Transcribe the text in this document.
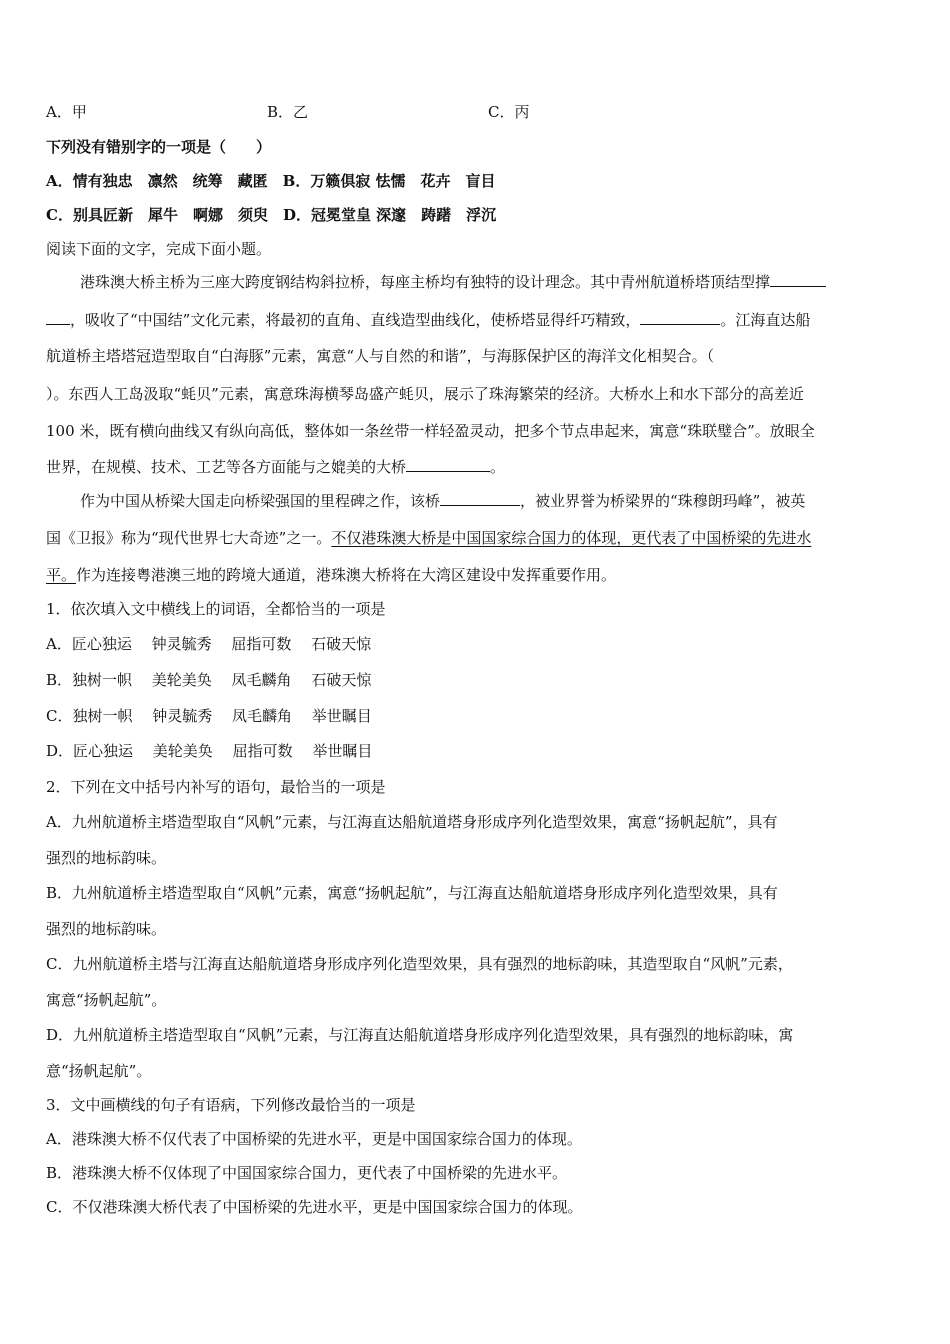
A．甲	B．乙	C．丙
下列没有错别字的一项是（　　）
A．情有独忠　凛然　统筹　藏匿　B．万籁俱寂 怯懦　花卉　盲目
C．别具匠新　犀牛　啊娜　须臾　D．冠冕堂皇 深邃　踌躇　浮沉
阅读下面的文字，完成下面小题。
港珠澳大桥主桥为三座大跨度钢结构斜拉桥，每座主桥均有独特的设计理念。其中青州航道桥塔顶结型撑
，吸收了“中国结”文化元素，将最初的直角、直线造型曲线化，使桥塔显得纤巧精致，	。江海直达船
航道桥主塔塔冠造型取自“白海豚”元素，寓意“人与自然的和谐”，与海豚保护区的海洋文化相契合。（
）。东西人工岛汲取“蚝贝”元素，寓意珠海横琴岛盛产蚝贝，展示了珠海繁荣的经济。大桥水上和水下部分的高差近
100 米，既有横向曲线又有纵向高低，整体如一条丝带一样轻盈灵动，把多个节点串起来，寓意“珠联璧合”。放眼全
世界，在规模、技术、工艺等各方面能与之媲美的大桥	。
作为中国从桥梁大国走向桥梁强国的里程碑之作，该桥	，被业界誉为桥梁界的“珠穆朗玛峰”，被英
国《卫报》称为“现代世界七大奇迹”之一。不仅港珠澳大桥是中国国家综合国力的体现，更代表了中国桥梁的先进水
平。作为连接粤港澳三地的跨境大通道，港珠澳大桥将在大湾区建设中发挥重要作用。
1．依次填入文中横线上的词语，全都恰当的一项是
A．匠心独运　 钟灵毓秀　 屈指可数　 石破天惊
B．独树一帜　 美轮美奂　 凤毛麟角　 石破天惊
C．独树一帜　 钟灵毓秀　 凤毛麟角　 举世瞩目
D．匠心独运　 美轮美奂　 屈指可数　 举世瞩目
2．下列在文中括号内补写的语句，最恰当的一项是
A．九州航道桥主塔造型取自“风帆”元素，与江海直达船航道塔身形成序列化造型效果，寓意“扬帆起航”，具有
强烈的地标韵味。
B．九州航道桥主塔造型取自“风帆”元素，寓意“扬帆起航”，与江海直达船航道塔身形成序列化造型效果，具有
强烈的地标韵味。
C．九州航道桥主塔与江海直达船航道塔身形成序列化造型效果，具有强烈的地标韵味，其造型取自“风帆”元素，
寓意“扬帆起航”。
D．九州航道桥主塔造型取自“风帆”元素，与江海直达船航道塔身形成序列化造型效果，具有强烈的地标韵味，寓
意“扬帆起航”。
3．文中画横线的句子有语病，下列修改最恰当的一项是
A．港珠澳大桥不仅代表了中国桥梁的先进水平，更是中国国家综合国力的体现。
B．港珠澳大桥不仅体现了中国国家综合国力，更代表了中国桥梁的先进水平。
C．不仅港珠澳大桥代表了中国桥梁的先进水平，更是中国国家综合国力的体现。
